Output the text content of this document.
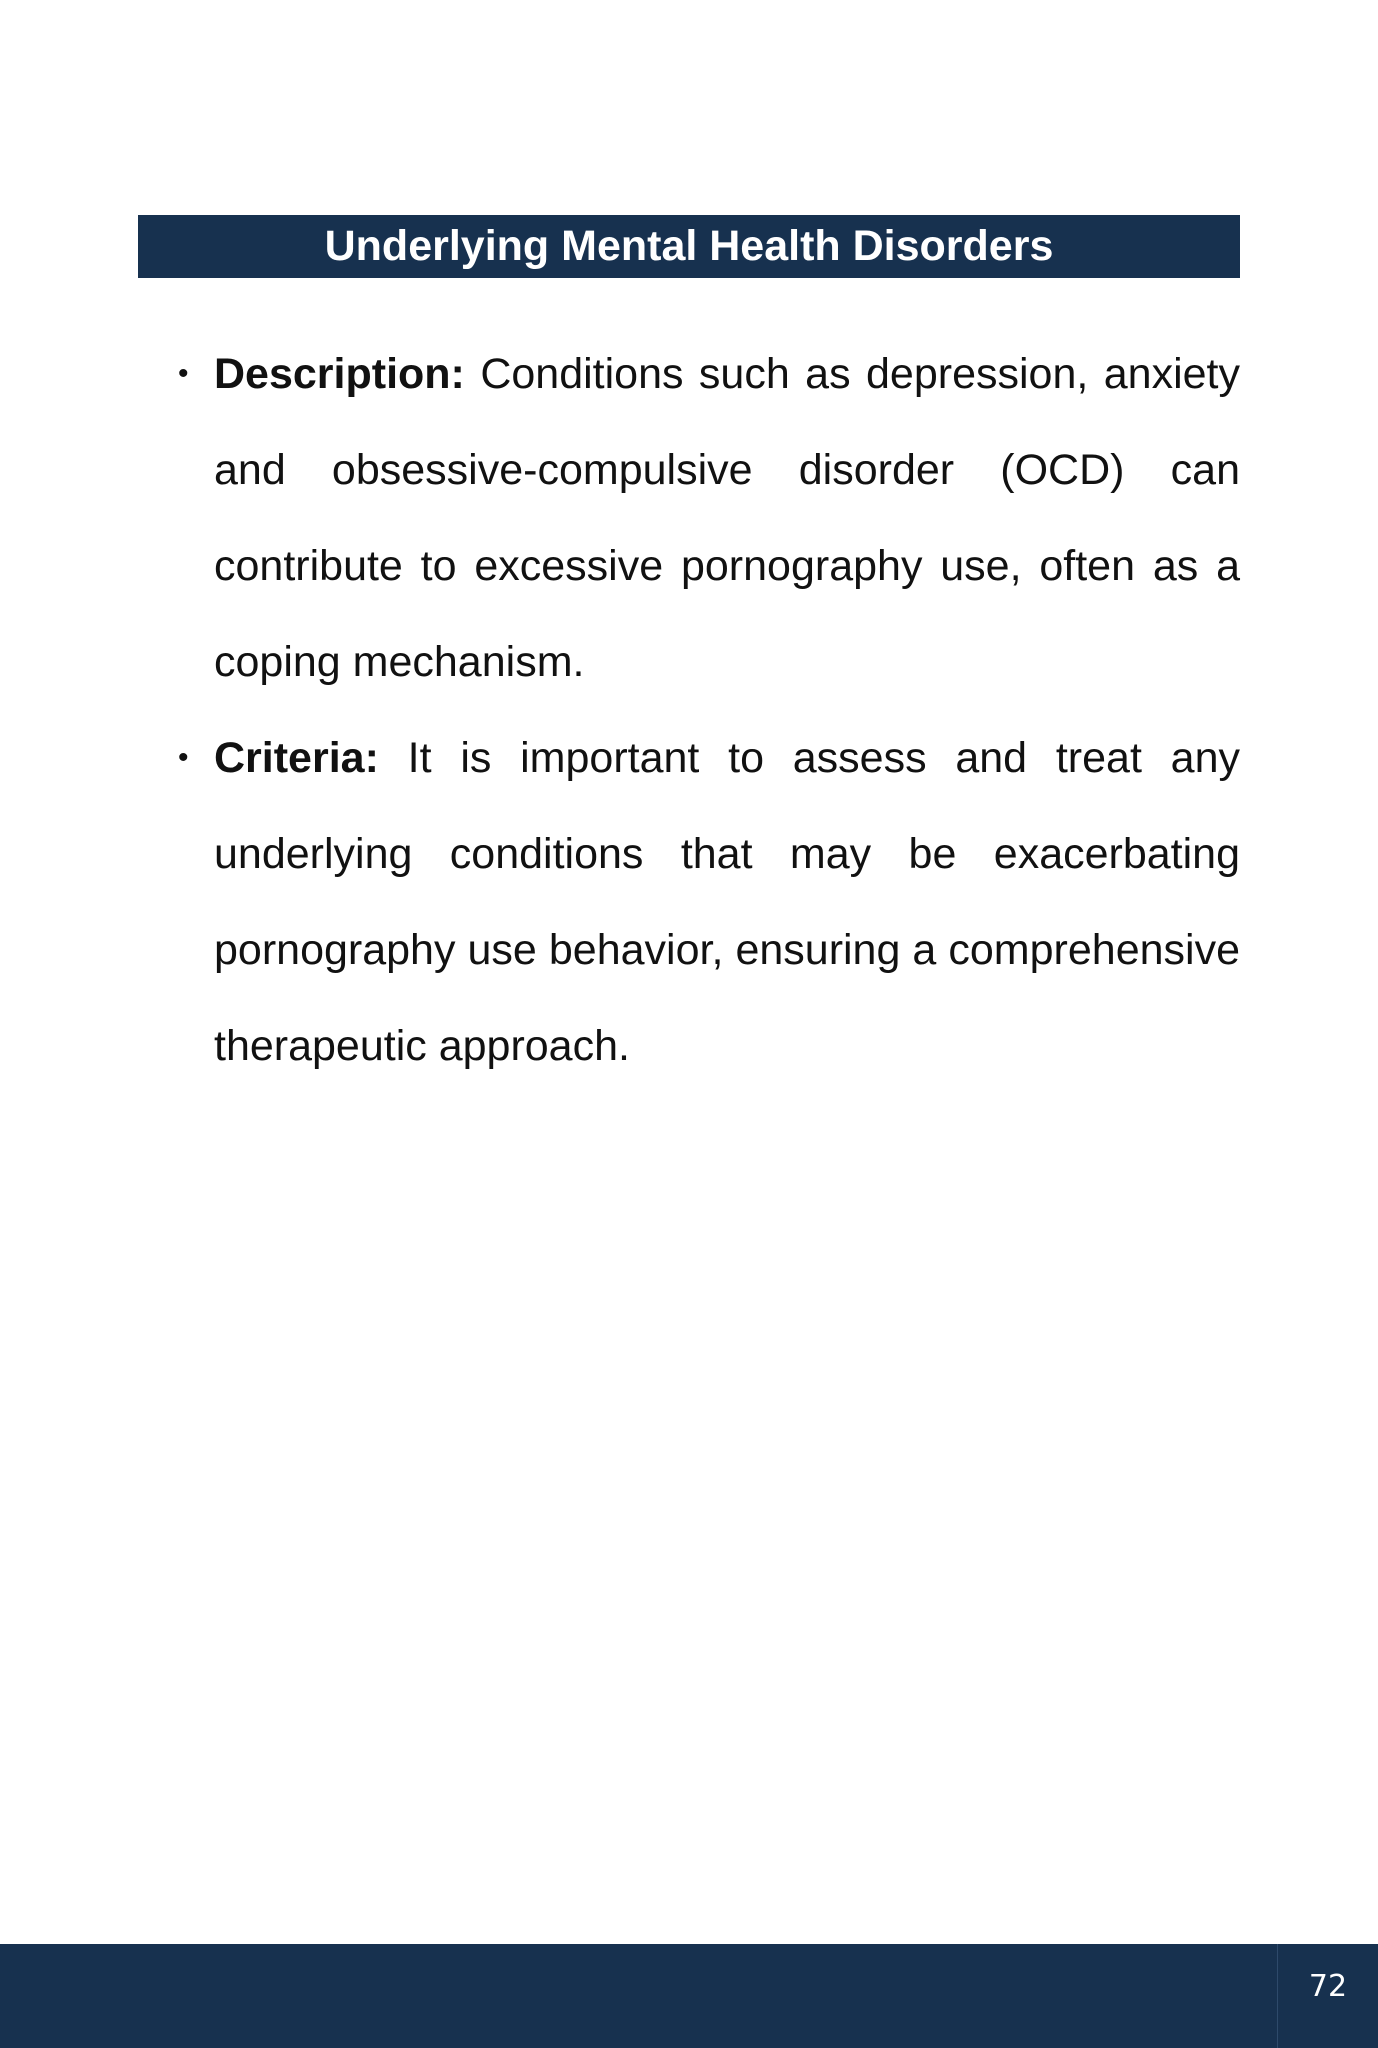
Underlying Mental Health Disorders
• Description: Conditions such as depression, anxiety and obsessive-compulsive disorder (OCD) can contribute to excessive pornography use, often as a coping mechanism.
• Criteria: It is important to assess and treat any underlying conditions that may be exacerbating pornography use behavior, ensuring a comprehensive therapeutic approach.
72
